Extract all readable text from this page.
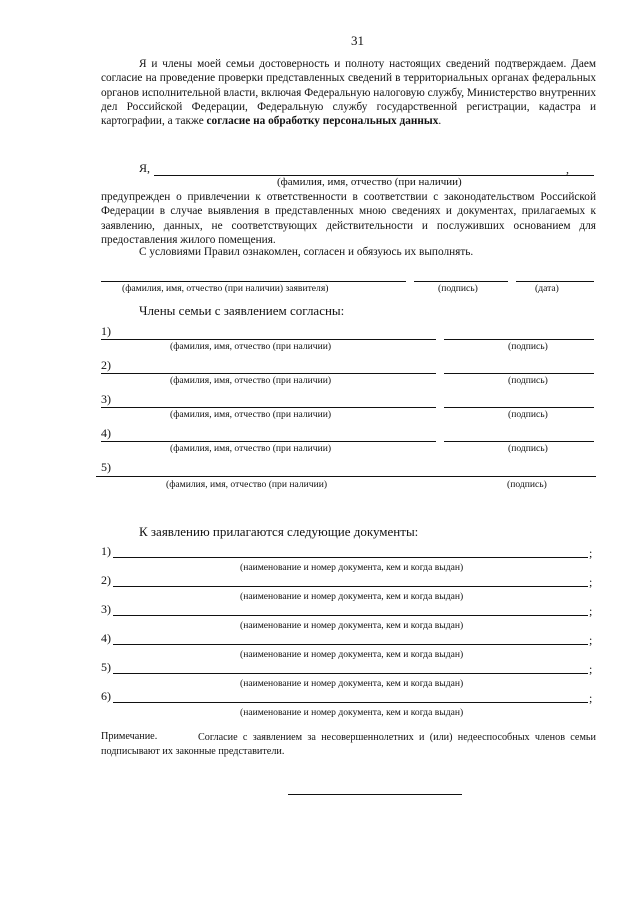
31
Я и члены моей семьи достоверность и полноту настоящих сведений подтверждаем. Даем согласие на проведение проверки представленных сведений в территориальных органах федеральных органов исполнительной власти, включая Федеральную налоговую службу, Министерство внутренних дел Российской Федерации, Федеральную службу государственной регистрации, кадастра и картографии, а также согласие на обработку персональных данных.
Я,	,
(фамилия, имя, отчество (при наличии)
предупрежден о привлечении к ответственности в соответствии с законодательством Российской Федерации в случае выявления в представленных мною сведениях и документах, прилагаемых к заявлению, данных, не соответствующих действительности и послуживших основанием для предоставления жилого помещения.
С условиями Правил ознакомлен, согласен и обязуюсь их выполнять.
(фамилия, имя, отчество (при наличии) заявителя)	(подпись)	(дата)
Члены семьи с заявлением согласны:
1)
(фамилия, имя, отчество (при наличии)	(подпись)
2)
(фамилия, имя, отчество (при наличии)	(подпись)
3)
(фамилия, имя, отчество (при наличии)	(подпись)
4)
(фамилия, имя, отчество (при наличии)	(подпись)
5)
(фамилия, имя, отчество (при наличии)	(подпись)
К заявлению прилагаются следующие документы:
1)	;
(наименование и номер документа, кем и когда выдан)
2)	;
(наименование и номер документа, кем и когда выдан)
3)	;
(наименование и номер документа, кем и когда выдан)
4)	;
(наименование и номер документа, кем и когда выдан)
5)	;
(наименование и номер документа, кем и когда выдан)
6)	;
(наименование и номер документа, кем и когда выдан)
Примечание.	Согласие с заявлением за несовершеннолетних и (или) недееспособных членов семьи подписывают их законные представители.
